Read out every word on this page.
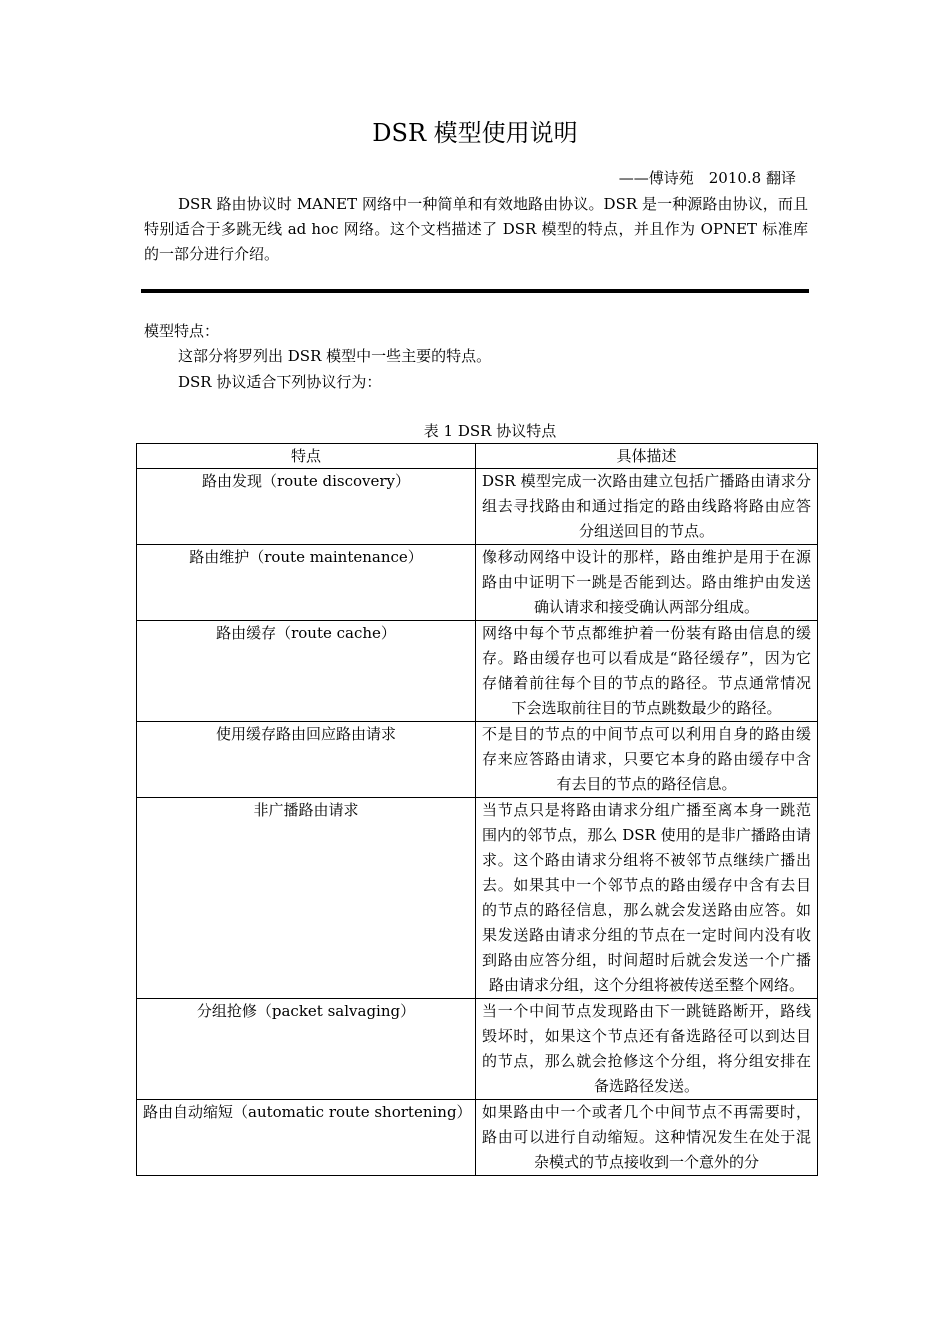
DSR 模型使用说明
——傅诗苑　2010.8 翻译

DSR 路由协议时 MANET 网络中一种简单和有效地路由协议。DSR 是一种源路由协议，而且特别适合于多跳无线 ad hoc 网络。这个文档描述了 DSR 模型的特点，并且作为 OPNET 标准库的一部分进行介绍。

模型特点：
这部分将罗列出 DSR 模型中一些主要的特点。
DSR 协议适合下列协议行为：
表 1 DSR 协议特点
特点	具体描述
路由发现（route discovery）	DSR 模型完成一次路由建立包括广播路由请求分组去寻找路由和通过指定的路由线路将路由应答分组送回目的节点。
路由维护（route maintenance）	像移动网络中设计的那样，路由维护是用于在源路由中证明下一跳是否能到达。路由维护由发送确认请求和接受确认两部分组成。
路由缓存（route cache）	网络中每个节点都维护着一份装有路由信息的缓存。路由缓存也可以看成是“路径缓存”，因为它存储着前往每个目的节点的路径。节点通常情况下会选取前往目的节点跳数最少的路径。
使用缓存路由回应路由请求	不是目的节点的中间节点可以利用自身的路由缓存来应答路由请求，只要它本身的路由缓存中含有去目的节点的路径信息。
非广播路由请求	当节点只是将路由请求分组广播至离本身一跳范围内的邻节点，那么 DSR 使用的是非广播路由请求。这个路由请求分组将不被邻节点继续广播出去。如果其中一个邻节点的路由缓存中含有去目的节点的路径信息，那么就会发送路由应答。如果发送路由请求分组的节点在一定时间内没有收到路由应答分组，时间超时后就会发送一个广播路由请求分组，这个分组将被传送至整个网络。
分组抢修（packet salvaging）	当一个中间节点发现路由下一跳链路断开，路线毁坏时，如果这个节点还有备选路径可以到达目的节点，那么就会抢修这个分组，将分组安排在备选路径发送。
路由自动缩短（automatic route shortening）	如果路由中一个或者几个中间节点不再需要时，路由可以进行自动缩短。这种情况发生在处于混杂模式的节点接收到一个意外的分
